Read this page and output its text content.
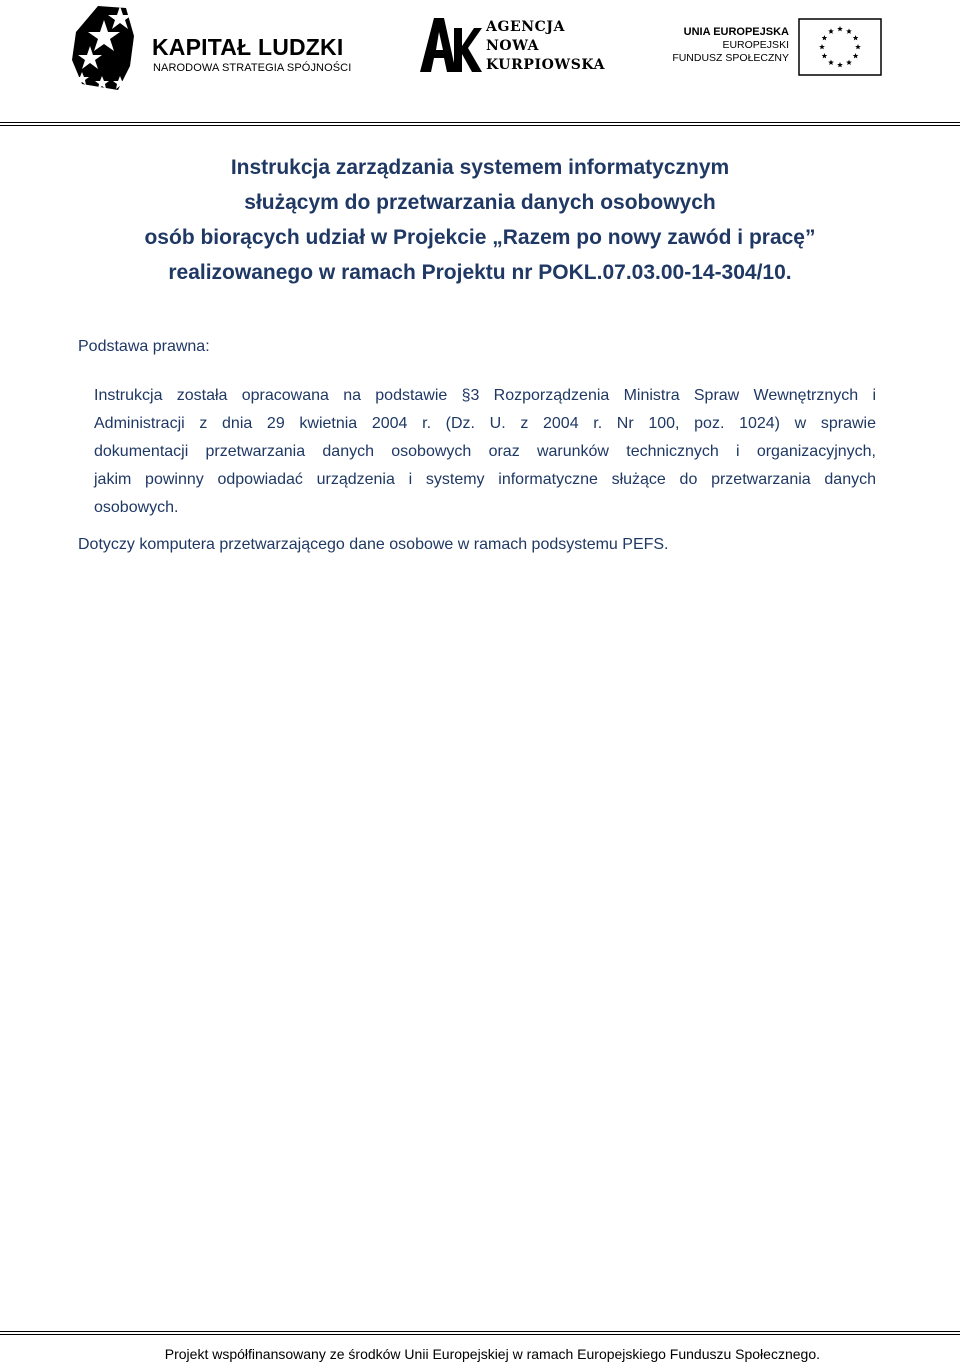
KAPITAŁ LUDZKI
NARODOWA STRATEGIA SPÓJNOŚCI
AGENCJA
NOWA
KURPIOWSKA
UNIA EUROPEJSKA
EUROPEJSKI
FUNDUSZ SPOŁECZNY
Instrukcja zarządzania systemem informatycznym
służącym do przetwarzania danych osobowych
osób biorących udział w Projekcie „Razem po nowy zawód i pracę”
realizowanego w ramach Projektu nr POKL.07.03.00-14-304/10.
Podstawa prawna:
Instrukcja została opracowana na podstawie §3 Rozporządzenia Ministra Spraw Wewnętrznych i
Administracji z dnia 29 kwietnia 2004 r. (Dz. U. z 2004 r. Nr 100, poz. 1024) w sprawie
dokumentacji przetwarzania danych osobowych oraz warunków technicznych i organizacyjnych,
jakim powinny odpowiadać urządzenia i systemy informatyczne służące do przetwarzania danych
osobowych.
Dotyczy komputera przetwarzającego dane osobowe w ramach podsystemu PEFS.
Projekt współfinansowany ze środków Unii Europejskiej w ramach Europejskiego Funduszu Społecznego.
